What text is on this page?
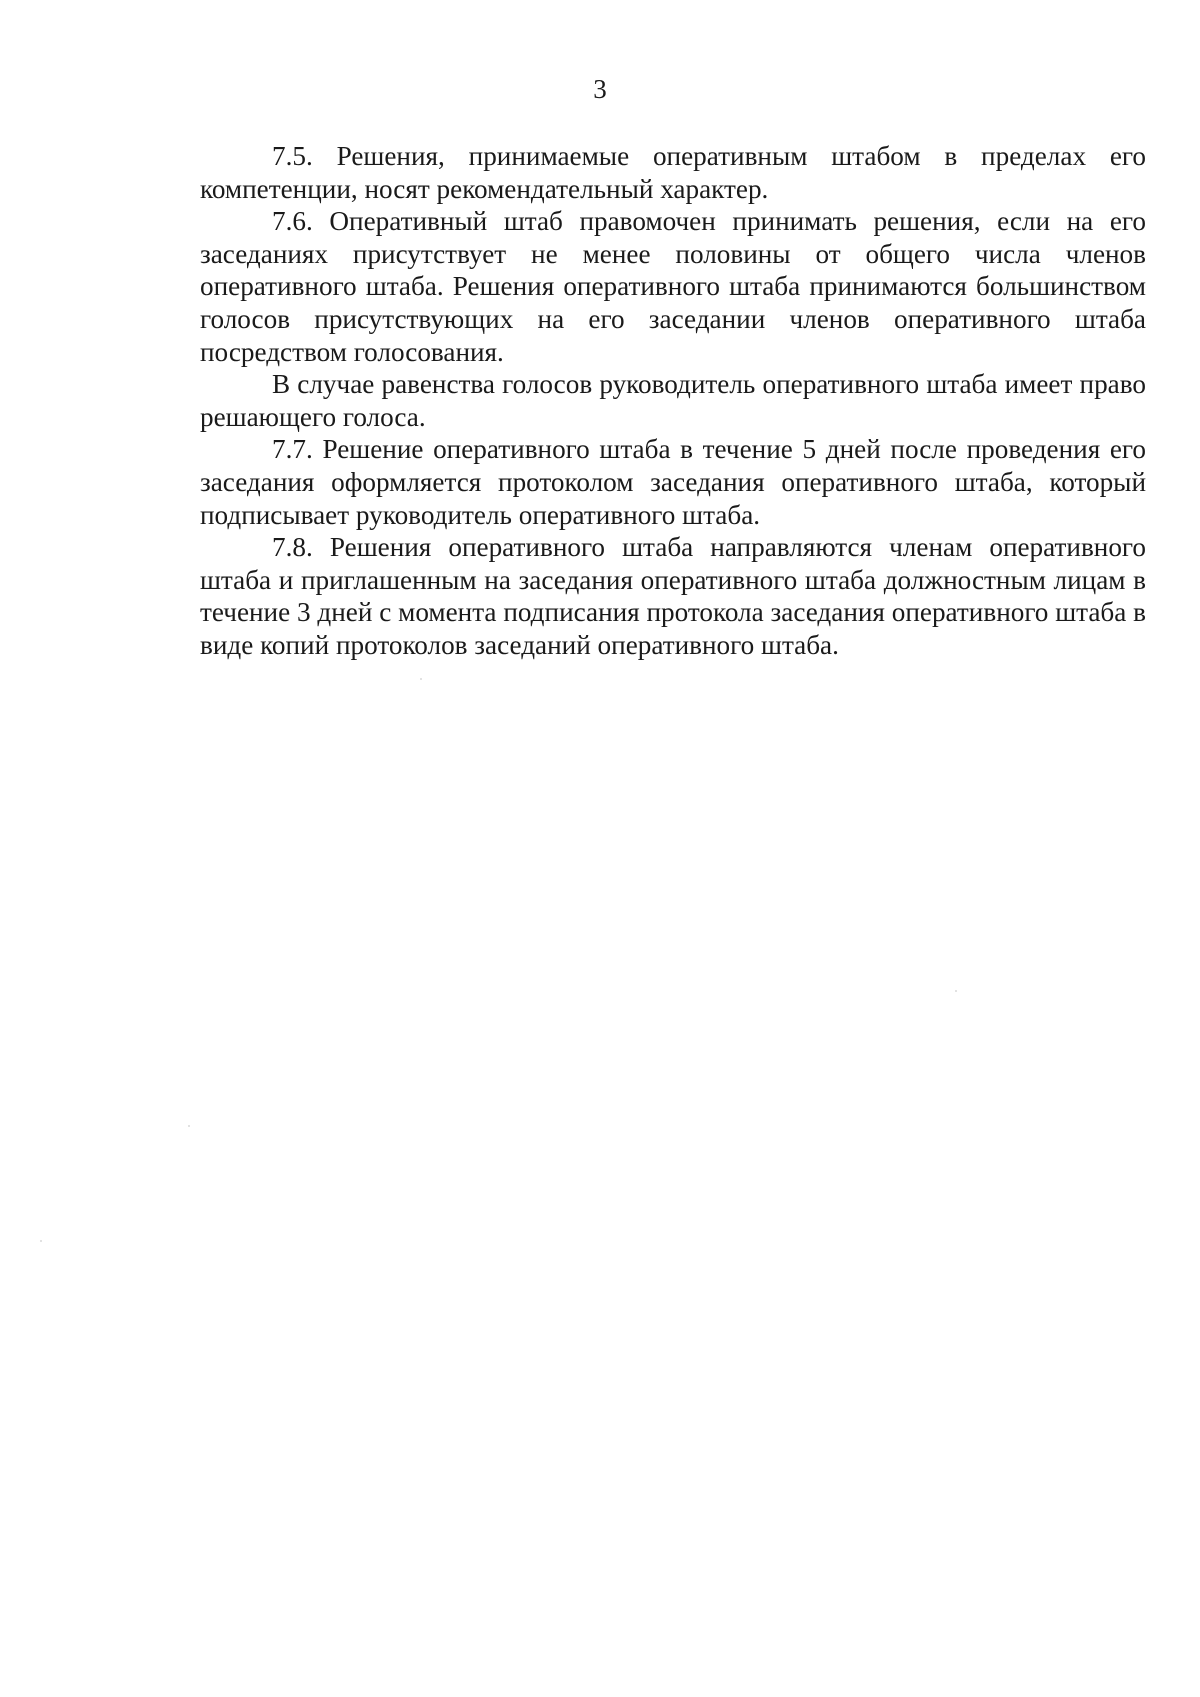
3

7.5. Решения, принимаемые оперативным штабом в пределах его компетенции, носят рекомендательный характер.

7.6. Оперативный штаб правомочен принимать решения, если на его заседаниях присутствует не менее половины от общего числа членов оперативного штаба. Решения оперативного штаба принимаются большинством голосов присутствующих на его заседании членов оперативного штаба посредством голосования.

В случае равенства голосов руководитель оперативного штаба имеет право решающего голоса.

7.7. Решение оперативного штаба в течение 5 дней после проведения его заседания оформляется протоколом заседания оперативного штаба, который подписывает руководитель оперативного штаба.

7.8. Решения оперативного штаба направляются членам оперативного штаба и приглашенным на заседания оперативного штаба должностным лицам в течение 3 дней с момента подписания протокола заседания оперативного штаба в виде копий протоколов заседаний оперативного штаба.
